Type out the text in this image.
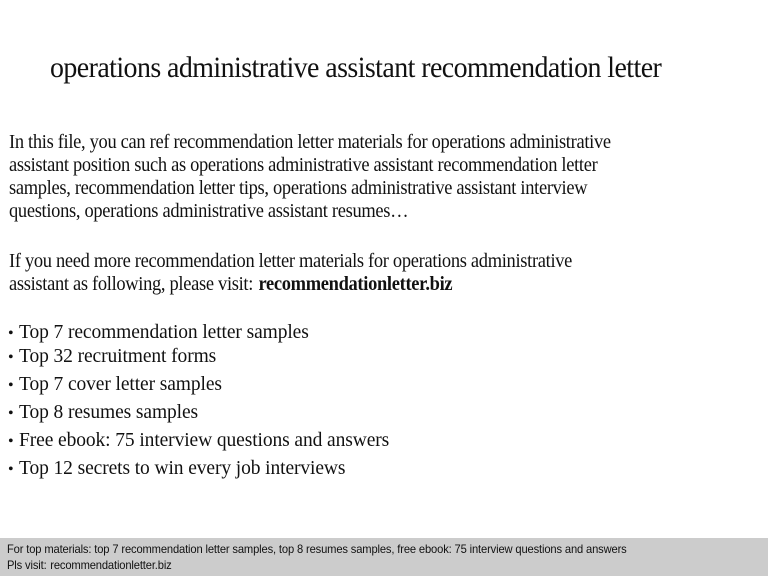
operations administrative assistant recommendation letter
In this file, you can ref recommendation letter materials for operations administrative
assistant position such as operations administrative assistant recommendation letter
samples, recommendation letter tips, operations administrative assistant interview
questions, operations administrative assistant resumes…
If you need more recommendation letter materials for operations administrative
assistant as following, please visit: recommendationletter.biz
• Top 7 recommendation letter samples
• Top 32 recruitment forms
• Top 7 cover letter samples
• Top 8 resumes samples
• Free ebook: 75 interview questions and answers
• Top 12 secrets to win every job interviews
For top materials: top 7 recommendation letter samples, top 8 resumes samples, free ebook: 75 interview questions and answers
Pls visit: recommendationletter.biz
